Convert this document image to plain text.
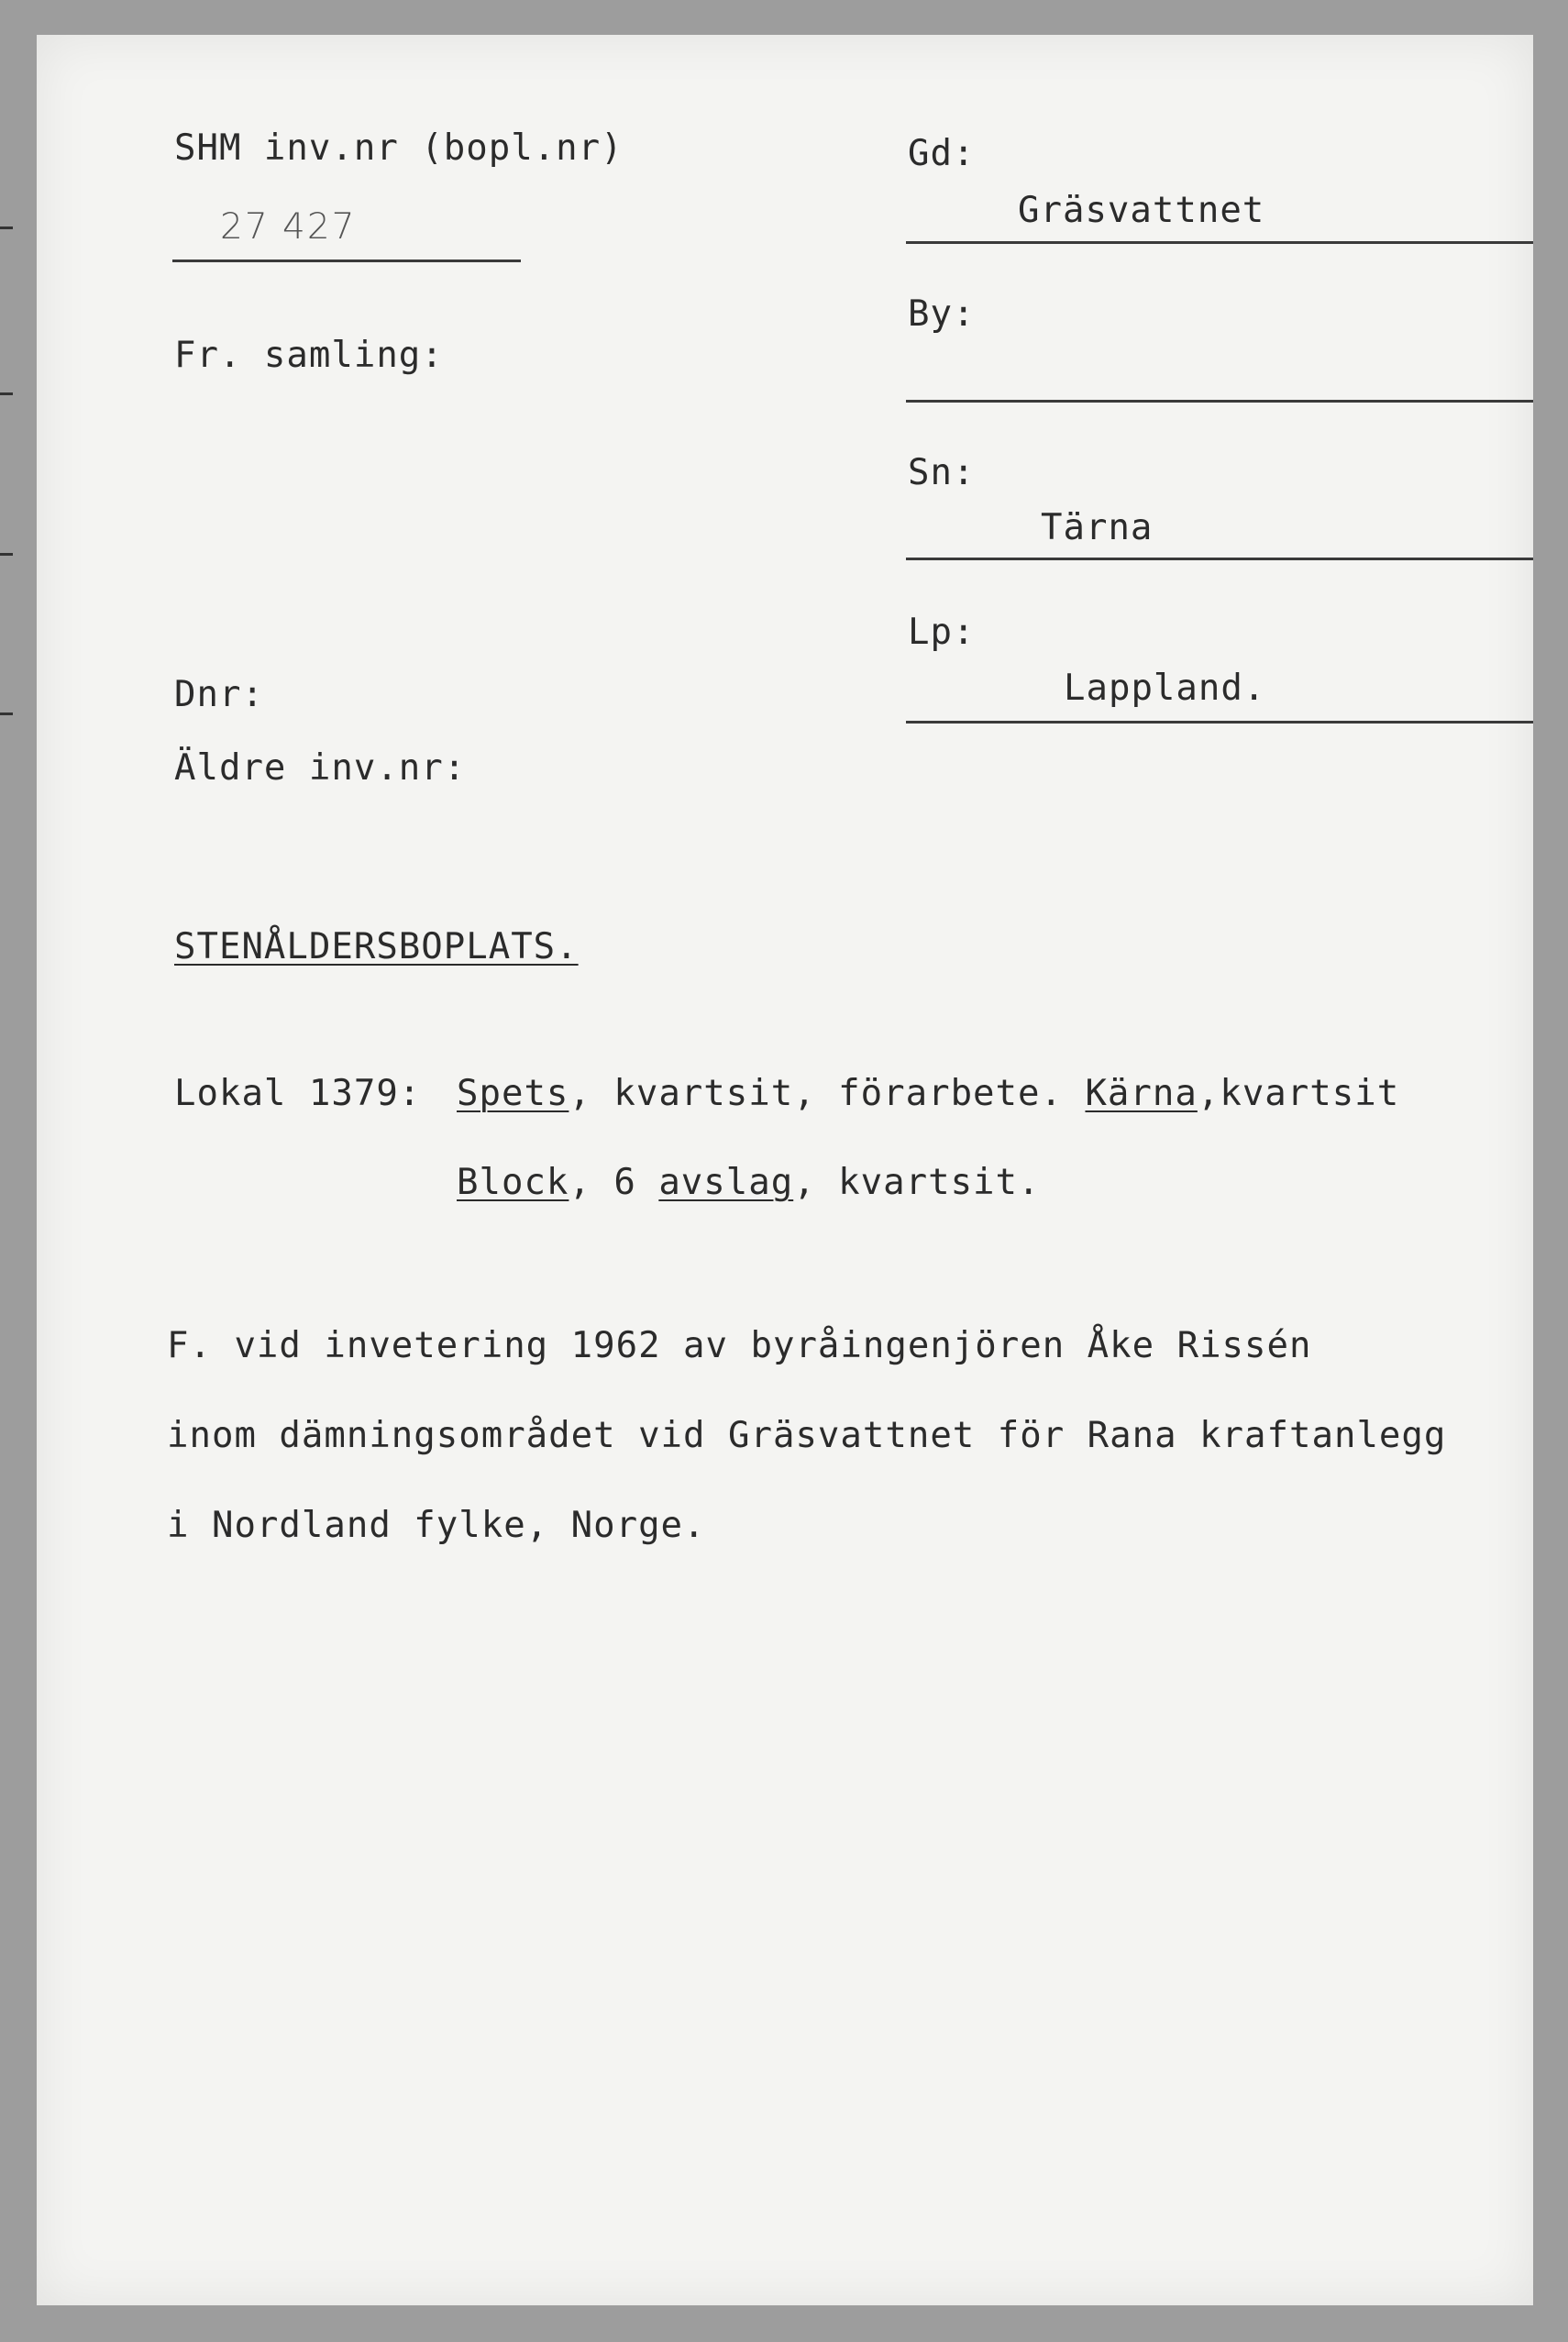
SHM inv.nr (bopl.nr)
27 427
Fr. samling:
Dnr:
Äldre inv.nr:
Gd:
Gräsvattnet
By:
Sn:
Tärna
Lp:
Lappland.
STENÅLDERSBOPLATS.
Lokal 1379: Spets, kvartsit, förarbete. Kärna,kvartsit
Block, 6 avslag, kvartsit.
F. vid invetering 1962 av byråingenjören Åke Rissén
inom dämningsområdet vid Gräsvattnet för Rana kraftanlegg
i Nordland fylke, Norge.
